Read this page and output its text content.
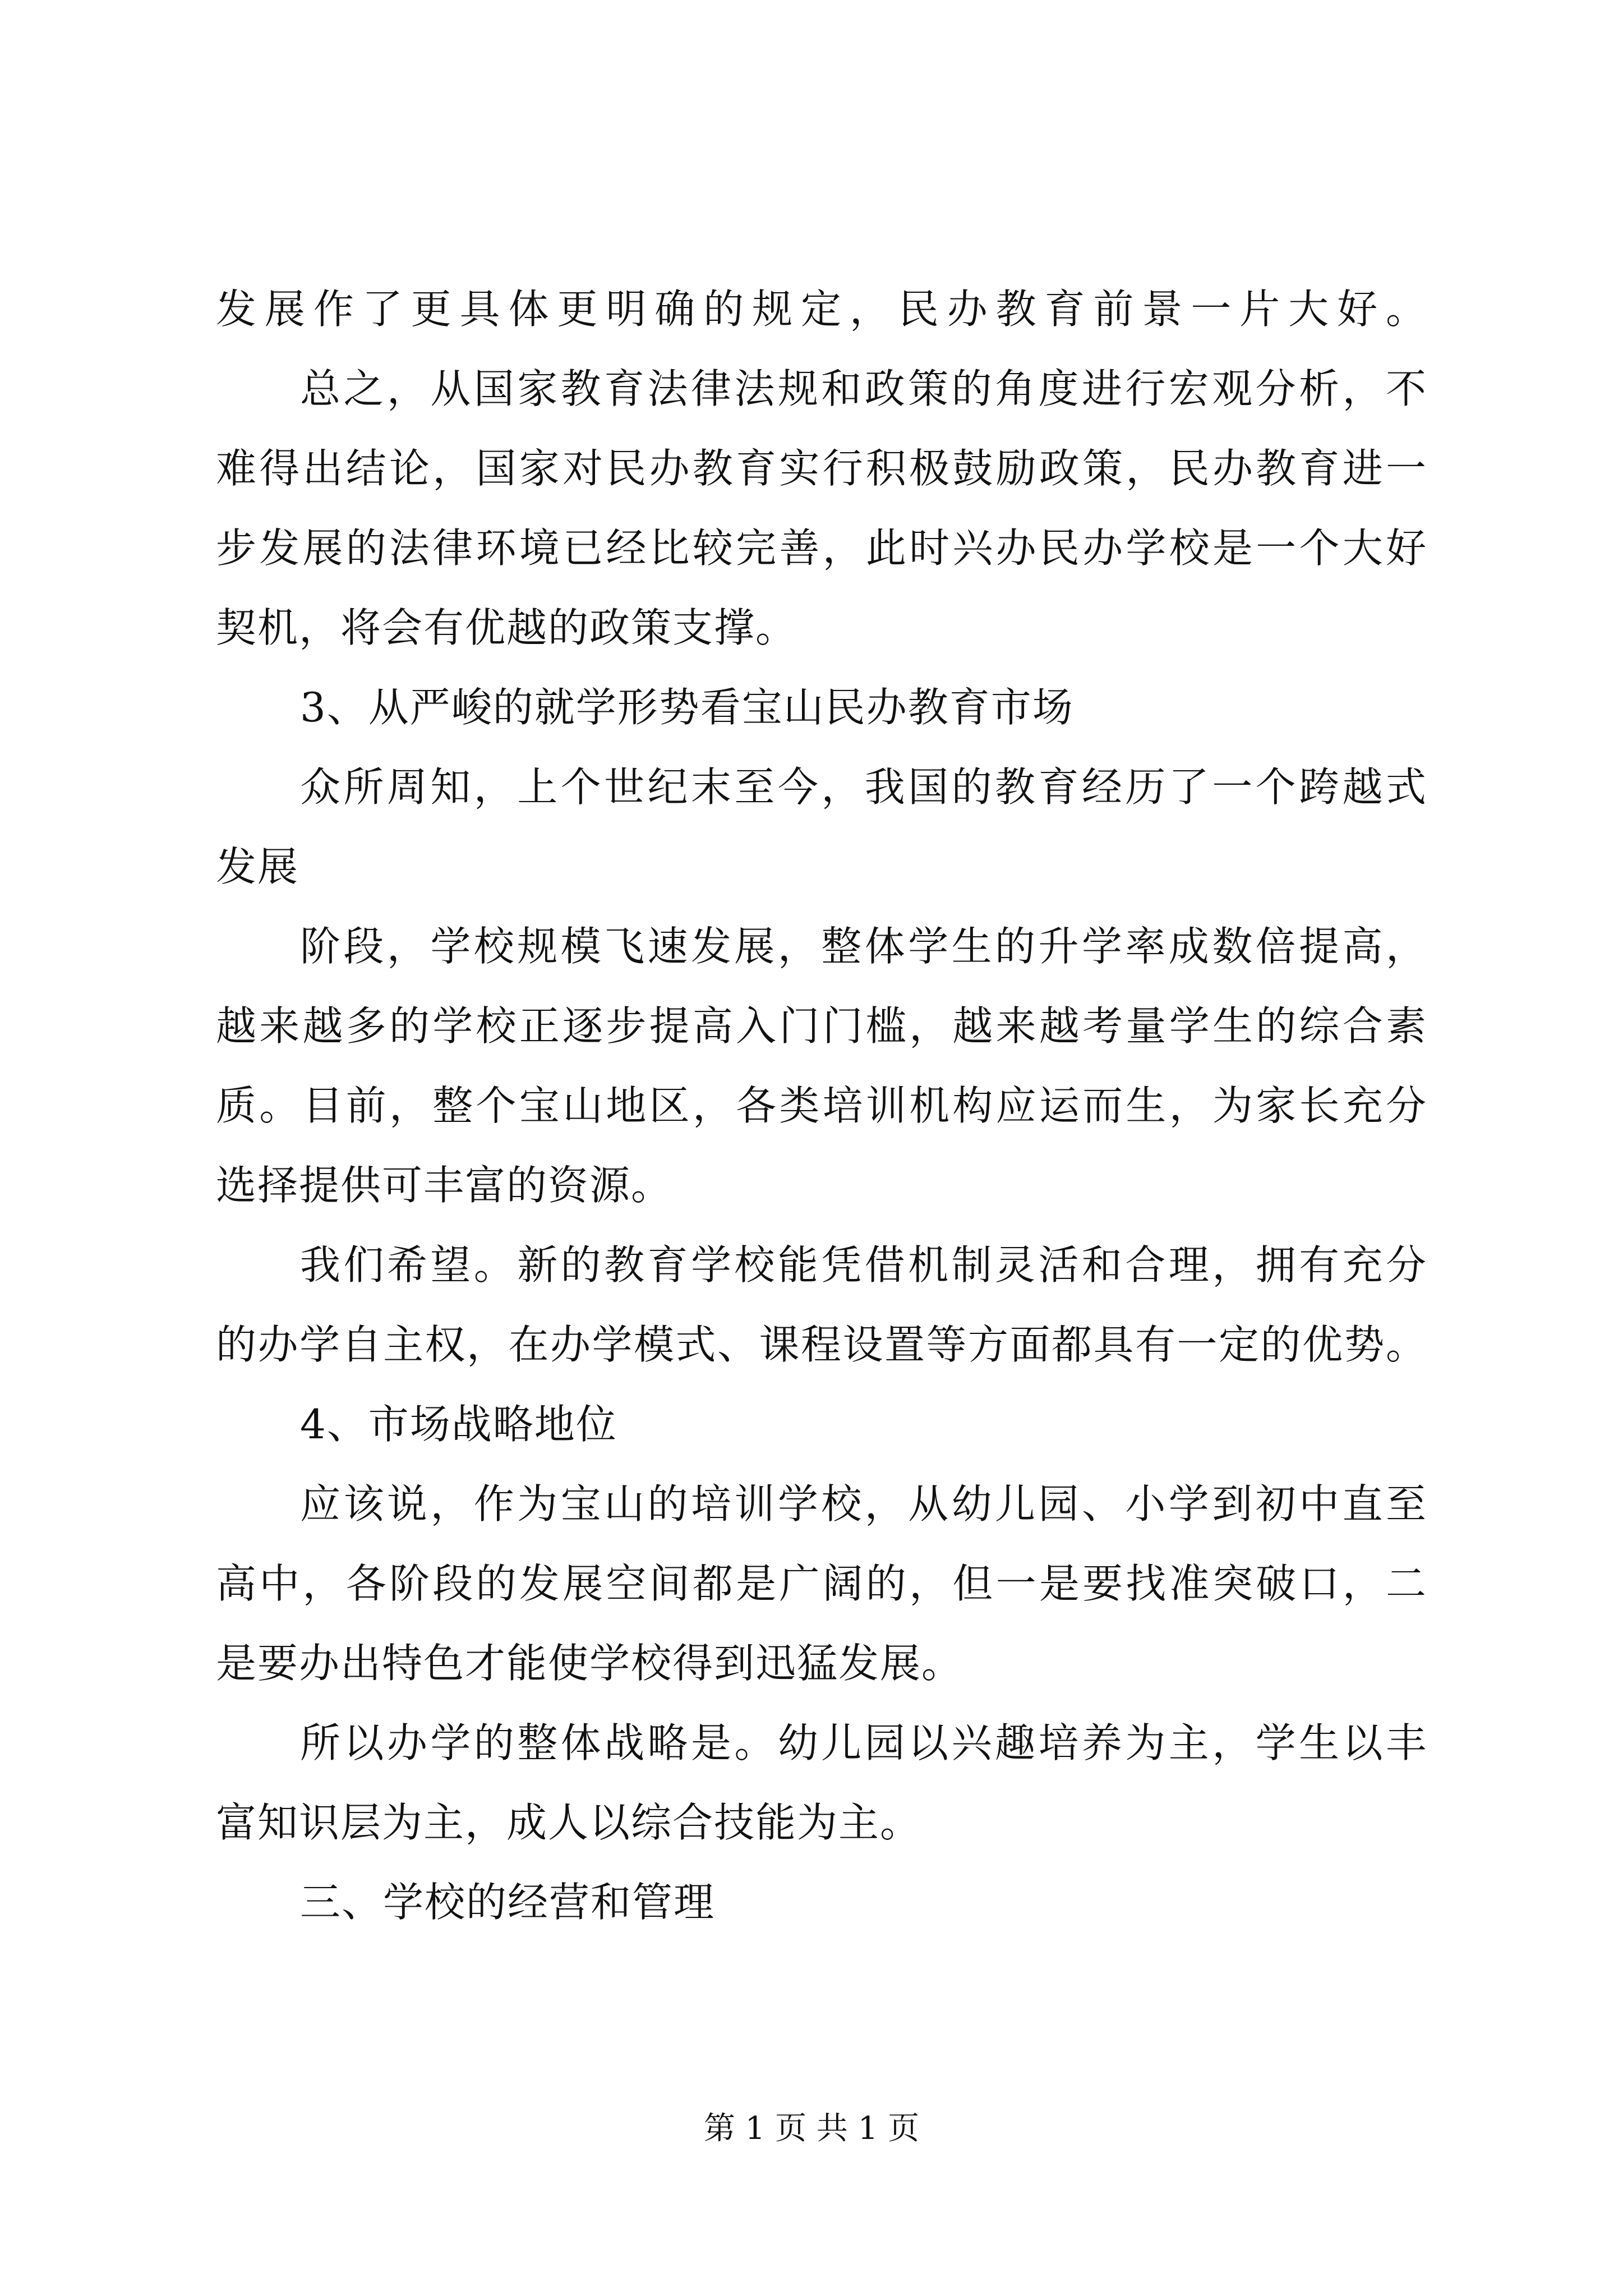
发展作了更具体更明确的规定，民办教育前景一片大好。
总之，从国家教育法律法规和政策的角度进行宏观分析，不
难得出结论，国家对民办教育实行积极鼓励政策，民办教育进一
步发展的法律环境已经比较完善，此时兴办民办学校是一个大好
契机，将会有优越的政策支撑。
3、从严峻的就学形势看宝山民办教育市场
众所周知，上个世纪末至今，我国的教育经历了一个跨越式
发展
阶段，学校规模飞速发展，整体学生的升学率成数倍提高，
越来越多的学校正逐步提高入门门槛，越来越考量学生的综合素
质。目前，整个宝山地区，各类培训机构应运而生，为家长充分
选择提供可丰富的资源。
我们希望。新的教育学校能凭借机制灵活和合理，拥有充分
的办学自主权，在办学模式、课程设置等方面都具有一定的优势。
4、市场战略地位
应该说，作为宝山的培训学校，从幼儿园、小学到初中直至
高中，各阶段的发展空间都是广阔的，但一是要找准突破口，二
是要办出特色才能使学校得到迅猛发展。
所以办学的整体战略是。幼儿园以兴趣培养为主，学生以丰
富知识层为主，成人以综合技能为主。
三、学校的经营和管理
第 1 页 共 1 页
